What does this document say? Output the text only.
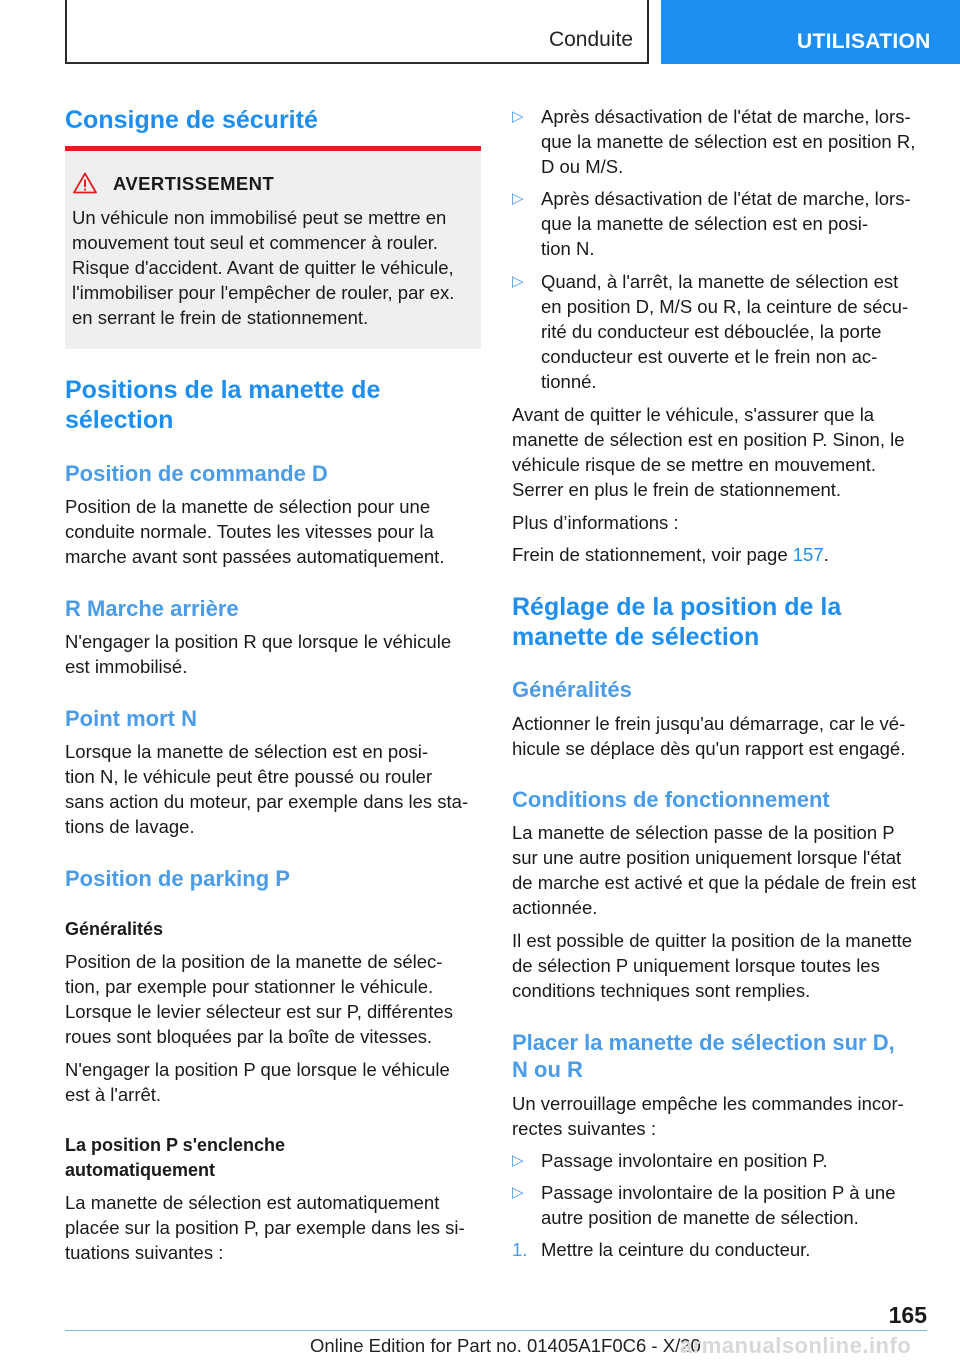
Conduite	UTILISATION
Consigne de sécurité
AVERTISSEMENT
Un véhicule non immobilisé peut se mettre en
mouvement tout seul et commencer à rouler.
Risque d'accident. Avant de quitter le véhicule,
l'immobiliser pour l'empêcher de rouler, par ex.
en serrant le frein de stationnement.
Positions de la manette de
sélection
Position de commande D
Position de la manette de sélection pour une
conduite normale. Toutes les vitesses pour la
marche avant sont passées automatiquement.
R Marche arrière
N'engager la position R que lorsque le véhicule
est immobilisé.
Point mort N
Lorsque la manette de sélection est en posi‐
tion N, le véhicule peut être poussé ou rouler
sans action du moteur, par exemple dans les sta‐
tions de lavage.
Position de parking P
Généralités
Position de la position de la manette de sélec‐
tion, par exemple pour stationner le véhicule.
Lorsque le levier sélecteur est sur P, différentes
roues sont bloquées par la boîte de vitesses.
N'engager la position P que lorsque le véhicule
est à l'arrêt.
La position P s'enclenche
automatiquement
La manette de sélection est automatiquement
placée sur la position P, par exemple dans les si‐
tuations suivantes :
▷ Après désactivation de l'état de marche, lors‐
que la manette de sélection est en position R,
D ou M/S.
▷ Après désactivation de l'état de marche, lors‐
que la manette de sélection est en posi‐
tion N.
▷ Quand, à l'arrêt, la manette de sélection est
en position D, M/S ou R, la ceinture de sécu‐
rité du conducteur est débouclée, la porte
conducteur est ouverte et le frein non ac‐
tionné.
Avant de quitter le véhicule, s'assurer que la
manette de sélection est en position P. Sinon, le
véhicule risque de se mettre en mouvement.
Serrer en plus le frein de stationnement.
Plus d’informations :
Frein de stationnement, voir page 157.
Réglage de la position de la
manette de sélection
Généralités
Actionner le frein jusqu'au démarrage, car le vé‐
hicule se déplace dès qu'un rapport est engagé.
Conditions de fonctionnement
La manette de sélection passe de la position P
sur une autre position uniquement lorsque l'état
de marche est activé et que la pédale de frein est
actionnée.
Il est possible de quitter la position de la manette
de sélection P uniquement lorsque toutes les
conditions techniques sont remplies.
Placer la manette de sélection sur D,
N ou R
Un verrouillage empêche les commandes incor‐
rectes suivantes :
▷ Passage involontaire en position P.
▷ Passage involontaire de la position P à une
autre position de manette de sélection.
1. Mettre la ceinture du conducteur.
165
Online Edition for Part no. 01405A1F0C6 - X/20
armanualsonline.info
